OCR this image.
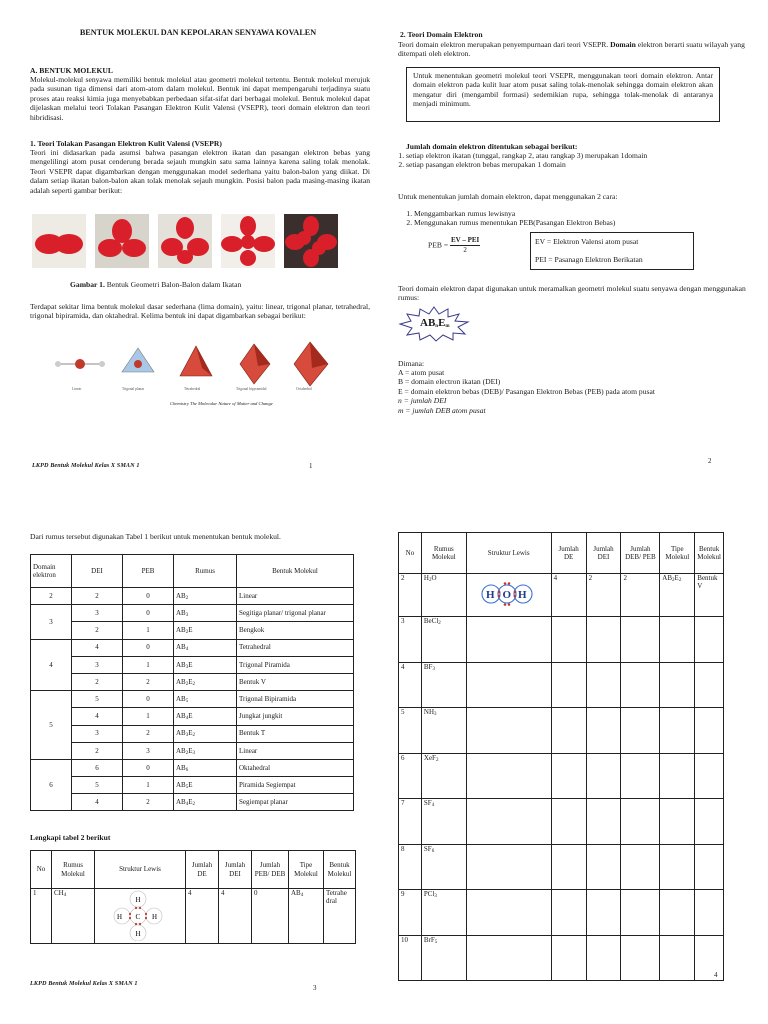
BENTUK MOLEKUL DAN KEPOLARAN SENYAWA KOVALEN
A. BENTUK MOLEKUL
Molekul-molekul senyawa memiliki bentuk molekul atau geometri molekul tertentu. Bentuk molekul merujuk pada susunan tiga dimensi dari atom-atom dalam molekul. Bentuk ini dapat mempengaruhi terjadinya suatu proses atau reaksi kimia juga menyebabkan perbedaan sifat-sifat dari berbagai molekul. Bentuk molekul dapat dijelaskan melalui teori Tolakan Pasangan Elektron Kulit Valensi (VSEPR), teori domain elektron dan teori hibridisasi.
1. Teori Tolakan Pasangan Elektron Kulit Valensi (VSEPR)
Teori ini didasarkan pada asumsi bahwa pasangan elektron ikatan dan pasangan elektron bebas yang mengelilingi atom pusat cenderung berada sejauh mungkin satu sama lainnya karena saling tolak menolak. Teori VSEPR dapat digambarkan dengan menggunakan model sederhana yaitu balon-balon yang diikat. Di dalam setiap ikatan balon-balon akan tolak menolak sejauh mungkin. Posisi balon pada masing-masing ikatan adalah seperti gambar berikut:
Gambar 1. Bentuk Geometri Balon-Balon dalam Ikatan
Terdapat sekitar lima bentuk molekul dasar sederhana (lima domain), yaitu: linear, trigonal planar, tetrahedral, trigonal bipiramida, dan oktahedral. Kelima bentuk ini dapat digambarkan sebagai berikut:
Linear	Trigonal planar	Tetrahedral	Trigonal bipyramidal	Octahedral
Chemistry The Molecular Nature of Matter and Change
LKPD Bentuk Molekul Kelas X SMAN 1	1
2. Teori Domain Elektron
Teori domain elektron merupakan penyempurnaan dari teori VSEPR. Domain elektron berarti suatu wilayah yang ditempati oleh elektron.
Untuk menentukan geometri molekul teori VSEPR, menggunakan teori domain elektron. Antar domain elektron pada kulit luar atom pusat saling tolak-menolak sehingga domain elektron akan mengatur diri (mengambil formasi) sedemikian rupa, sehingga tolak-menolak di antaranya menjadi minimum.
Jumlah domain elektron ditentukan sebagai berikut:
1. setiap elektron ikatan (tunggal, rangkap 2, atau rangkap 3) merupakan 1domain
2. setiap pasangan elektron bebas merupakan 1 domain
Untuk menentukan jumlah domain elektron, dapat menggunakan 2 cara:
1. Menggambarkan rumus lewisnya
2. Menggunakan rumus menentukan PEB(Pasangan Elektron Bebas)
PEB =
EV – PEI
2
EV = Elektron Valensi atom pusat
PEI = Pasanagn Elektron Berikatan
Teori domain elektron dapat digunakan untuk meramalkan geometri molekul suatu senyawa dengan menggunakan rumus:
$AB_nE_m$
Dimana:
A = atom pusat
B = domain electron ikatan (DEI)
E = domain elektron bebas (DEB)/ Pasangan Elektron Bebas (PEB) pada atom pusat
n = jumlah DEI
m = jumlah DEB atom pusat
2
Dari rumus tersebut digunakan Tabel 1 berikut untuk menentukan bentuk molekul.
Domain elektron	DEI	PEB	Rumus	Bentuk Molekul
2	2	0	$AB_2$	Linear
3	3	0	$AB_3$	Segitiga planar/ trigonal planar
	2	1	$AB_2E$	Bengkok
4	4	0	$AB_4$	Tetrahedral
	3	1	$AB_3E$	Trigonal Piramida
	2	2	$AB_2E_2$	Bentuk V
5	5	0	$AB_5$	Trigonal Bipiramida
	4	1	$AB_4E$	Jungkat jungkit
	3	2	$AB_3E_2$	Bentuk T
	2	3	$AB_2E_3$	Linear
6	6	0	$AB_6$	Oktahedral
	5	1	$AB_5E$	Piramida Segiempat
	4	2	$AB_4E_2$	Segiempat planar
Lengkapi tabel 2 berikut
No	Rumus Molekul	Struktur Lewis	Jumlah DE	Jumlah DEI	Jumlah PEB/ DEB	Tipe Molekul	Bentuk Molekul
1	$CH_4$	H
H
H H
C	4	4	0	$AB_4$	Tetrahe dral
LKPD Bentuk Molekul Kelas X SMAN 1
3
No	Rumus Molekul	Struktur Lewis	Jumlah DE	Jumlah DEI	Jumlah DEB/ PEB	Tipe Molekul	Bentuk Molekul
2	$H_2O$	H O H	4	2	2	$AB_2E_2$	Bentuk V
3	BeCl$_2$						
4	$BF_3$						
5	$NH_3$						
6	XeF$_2$						
7	$SF_4$						
8	$SF_6$						
9	PCl$_3$						
10	BrF$_5$						
4
